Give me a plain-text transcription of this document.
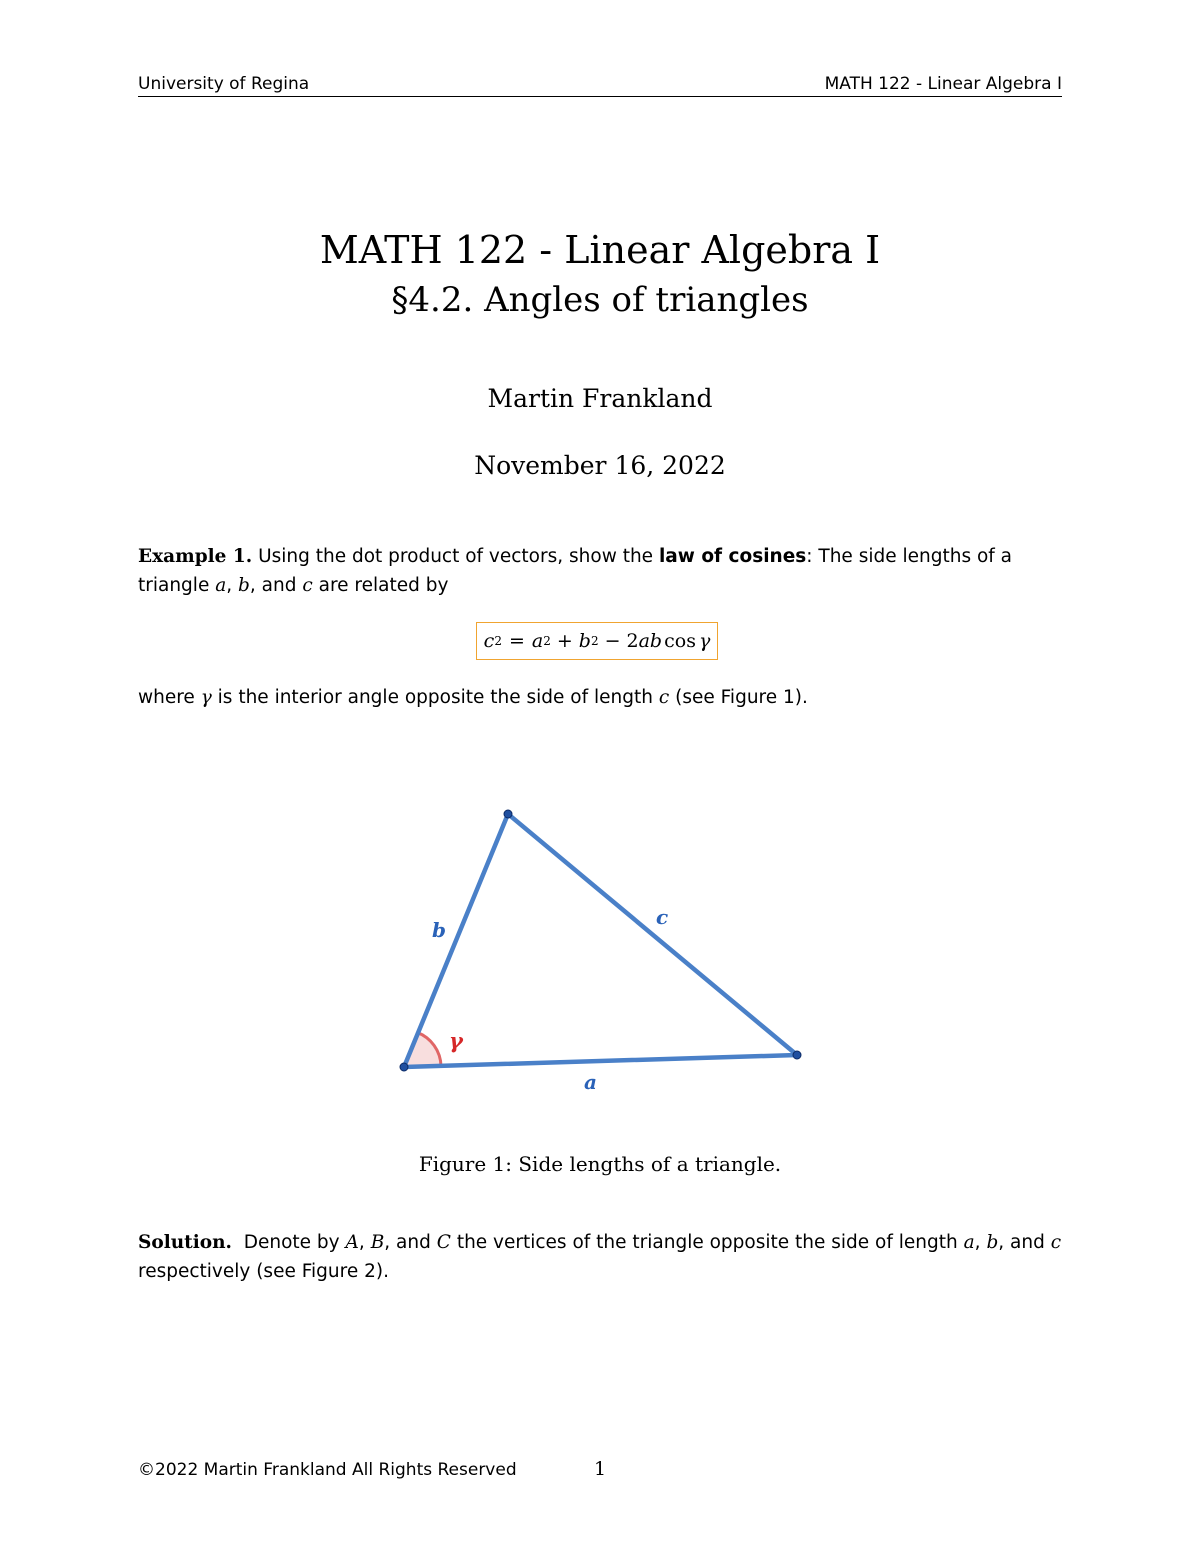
University of Regina	MATH 122 - Linear Algebra I
MATH 122 - Linear Algebra I
§4.2. Angles of triangles
Martin Frankland
November 16, 2022
Example 1. Using the dot product of vectors, show the law of cosines: The side lengths of a triangle a, b, and c are related by
c 2 = a 2 + b 2 − 2 ab cos γ
where γ is the interior angle opposite the side of length c (see Figure 1).
b
c
a
γ
Figure 1: Side lengths of a triangle.
Solution. Denote by A, B, and C the vertices of the triangle opposite the side of length a, b, and c respectively (see Figure 2).
©2022 Martin Frankland All Rights Reserved	1
